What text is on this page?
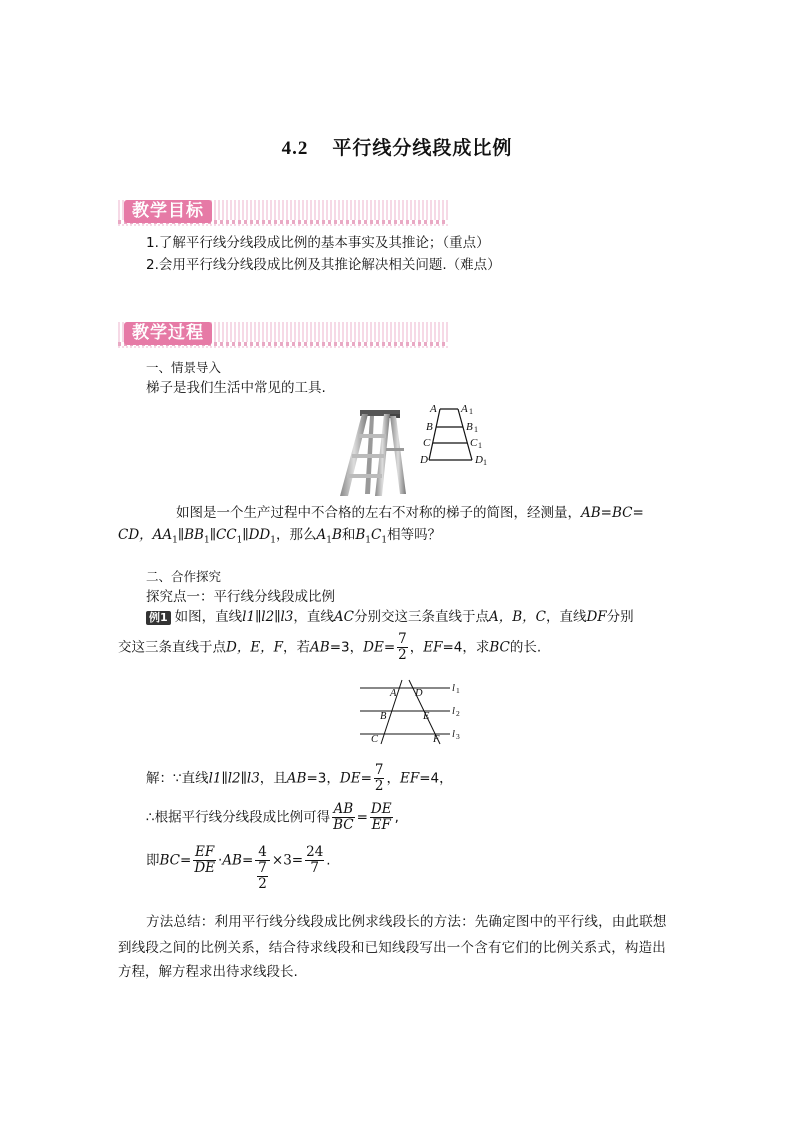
4.2 平行线分线段成比例
教学目标
1.了解平行线分线段成比例的基本事实及其推论；（重点）
2.会用平行线分线段成比例及其推论解决相关问题.（难点）
教学过程
一、情景导入
梯子是我们生活中常见的工具.
A
B
C
D
A
B
C
D
1
1
1
1
如图是一个生产过程中不合格的左右不对称的梯子的简图，经测量，AB=BC=
CD，$AA_1\parallel BB_1\parallel CC_1\parallel DD_1$，那么$A_1B$和$B_1C_1$相等吗？
二、合作探究
探究点一：平行线分线段成比例
例1 如图，直线l1∥l2∥l3，直线AC分别交这三条直线于点A，B，C，直线DF分别
交这三条直线于点D，E，F，若AB=3，$DE= \frac{7}{2}$ ，EF=4，求BC的长.
A D
B	E
C	F
l
l
l
1
2
3
解：∵直线l1∥l2∥l3，且AB=3，$DE= \frac{7}{2}$ ，EF=4，
∴根据平行线分线段成比例可得 $\frac{AB}{BC} = \frac{DE}{EF}$ ,
即$BC= \frac{EF}{DE} \cdot AB= 4$
7
$2 \times 3= \frac{24}{7}$ .
方法总结：利用平行线分线段成比例求线段长的方法：先确定图中的平行线，由此联想
到线段之间的比例关系，结合待求线段和已知线段写出一个含有它们的比例关系式，构造出
方程，解方程求出待求线段长.
